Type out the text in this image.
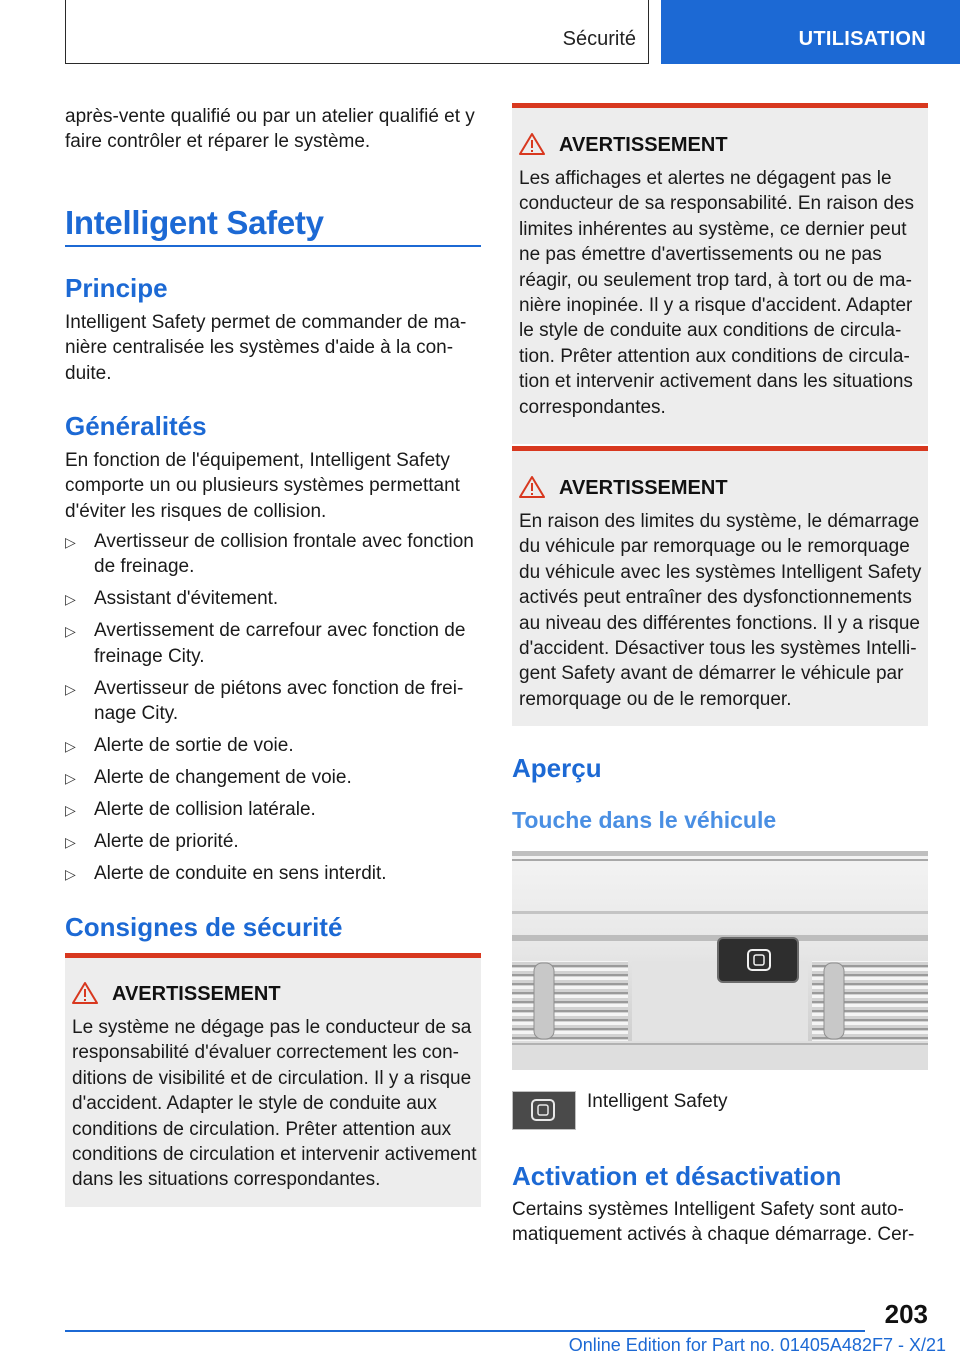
Sécurité	UTILISATION
après-vente qualifié ou par un atelier qualifié et y faire contrôler et réparer le système.
Intelligent Safety
Principe
Intelligent Safety permet de commander de manière centralisée les systèmes d'aide à la conduite.
Généralités
En fonction de l'équipement, Intelligent Safety comporte un ou plusieurs systèmes permettant d'éviter les risques de collision.
▷ Avertisseur de collision frontale avec fonction de freinage.
▷ Assistant d'évitement.
▷ Avertissement de carrefour avec fonction de freinage City.
▷ Avertisseur de piétons avec fonction de freinage City.
▷ Alerte de sortie de voie.
▷ Alerte de changement de voie.
▷ Alerte de collision latérale.
▷ Alerte de priorité.
▷ Alerte de conduite en sens interdit.
Consignes de sécurité
AVERTISSEMENT
Le système ne dégage pas le conducteur de sa responsabilité d'évaluer correctement les conditions de visibilité et de circulation. Il y a risque d'accident. Adapter le style de conduite aux conditions de circulation. Prêter attention aux conditions de circulation et intervenir activement dans les situations correspondantes.
AVERTISSEMENT
Les affichages et alertes ne dégagent pas le conducteur de sa responsabilité. En raison des limites inhérentes au système, ce dernier peut ne pas émettre d'avertissements ou ne pas réagir, ou seulement trop tard, à tort ou de manière inopinée. Il y a risque d'accident. Adapter le style de conduite aux conditions de circulation. Prêter attention aux conditions de circulation et intervenir activement dans les situations correspondantes.
AVERTISSEMENT
En raison des limites du système, le démarrage du véhicule par remorquage ou le remorquage du véhicule avec les systèmes Intelligent Safety activés peut entraîner des dysfonctionnements au niveau des différentes fonctions. Il y a risque d'accident. Désactiver tous les systèmes Intelligent Safety avant de démarrer le véhicule par remorquage ou de le remorquer.
Aperçu
Touche dans le véhicule
Intelligent Safety
Activation et désactivation
Certains systèmes Intelligent Safety sont automatiquement activés à chaque démarrage. Cer-
203
Online Edition for Part no. 01405A482F7 - X/21
